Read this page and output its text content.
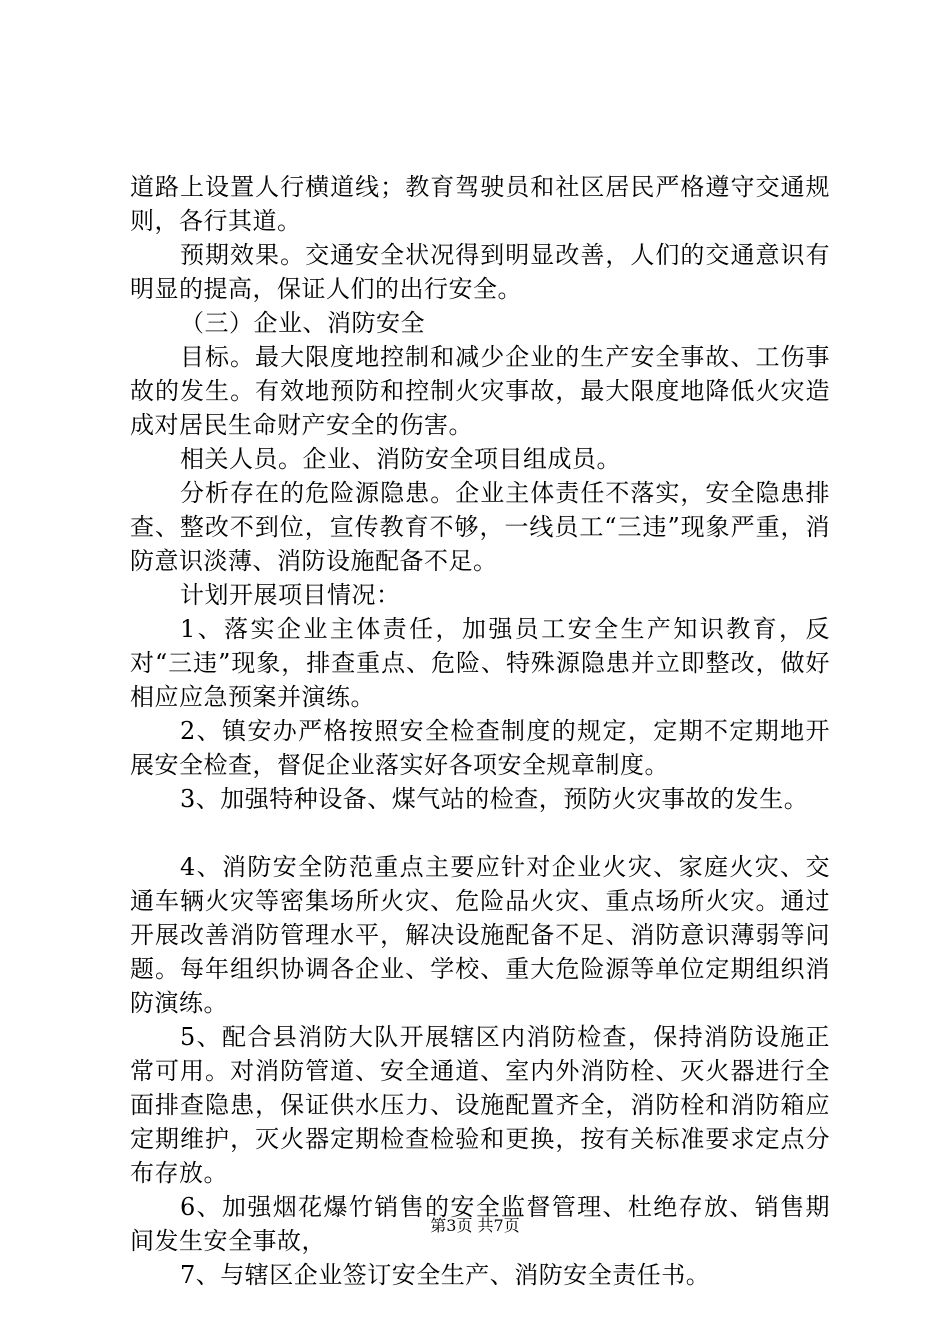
道路上设置人行横道线；教育驾驶员和社区居民严格遵守交通规则，各行其道。

预期效果。交通安全状况得到明显改善，人们的交通意识有明显的提高，保证人们的出行安全。

（三）企业、消防安全

目标。最大限度地控制和减少企业的生产安全事故、工伤事故的发生。有效地预防和控制火灾事故，最大限度地降低火灾造成对居民生命财产安全的伤害。

相关人员。企业、消防安全项目组成员。

分析存在的危险源隐患。企业主体责任不落实，安全隐患排查、整改不到位，宣传教育不够，一线员工“三违”现象严重，消防意识淡薄、消防设施配备不足。

计划开展项目情况：

1、落实企业主体责任，加强员工安全生产知识教育，反对“三违”现象，排查重点、危险、特殊源隐患并立即整改，做好相应应急预案并演练。

2、镇安办严格按照安全检查制度的规定，定期不定期地开展安全检查，督促企业落实好各项安全规章制度。

3、加强特种设备、煤气站的检查，预防火灾事故的发生。

4、消防安全防范重点主要应针对企业火灾、家庭火灾、交通车辆火灾等密集场所火灾、危险品火灾、重点场所火灾。通过开展改善消防管理水平，解决设施配备不足、消防意识薄弱等问题。每年组织协调各企业、学校、重大危险源等单位定期组织消防演练。

5、配合县消防大队开展辖区内消防检查，保持消防设施正常可用。对消防管道、安全通道、室内外消防栓、灭火器进行全面排查隐患，保证供水压力、设施配置齐全，消防栓和消防箱应定期维护，灭火器定期检查检验和更换，按有关标准要求定点分布存放。

6、加强烟花爆竹销售的安全监督管理、杜绝存放、销售期间发生安全事故，

7、与辖区企业签订安全生产、消防安全责任书。

第3页 共7页
